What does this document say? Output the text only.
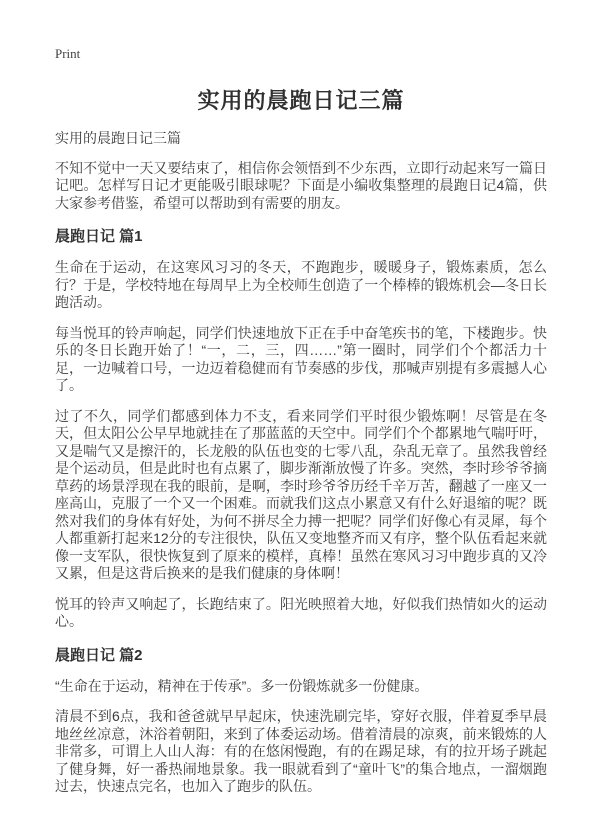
Print
实用的晨跑日记三篇

实用的晨跑日记三篇

不知不觉中一天又要结束了，相信你会领悟到不少东西，立即行动起来写一篇日记吧。怎样写日记才更能吸引眼球呢？下面是小编收集整理的晨跑日记4篇，供大家参考借鉴，希望可以帮助到有需要的朋友。

晨跑日记 篇1

生命在于运动，在这寒风习习的冬天，不跑跑步，暖暖身子，锻炼素质，怎么行？于是，学校特地在每周早上为全校师生创造了一个棒棒的锻炼机会—冬日长跑活动。

每当悦耳的铃声响起，同学们快速地放下正在手中奋笔疾书的笔，下楼跑步。快乐的冬日长跑开始了！“一，二，三，四……”第一圈时，同学们个个都活力十足，一边喊着口号，一边迈着稳健而有节奏感的步伐，那喊声别提有多震撼人心了。

过了不久，同学们都感到体力不支，看来同学们平时很少锻炼啊！尽管是在冬天，但太阳公公早早地就挂在了那蓝蓝的天空中。同学们个个都累地气喘吁吁，又是喘气又是擦汗的，长龙般的队伍也变的七零八乱，杂乱无章了。虽然我曾经是个运动员，但是此时也有点累了，脚步渐渐放慢了许多。突然，李时珍爷爷摘草药的场景浮现在我的眼前，是啊，李时珍爷爷历经千辛万苦，翻越了一座又一座高山，克服了一个又一个困难。而就我们这点小累意又有什么好退缩的呢？既然对我们的身体有好处，为何不拼尽全力搏一把呢？同学们好像心有灵犀，每个人都重新打起来12分的专注很快，队伍又变地整齐而又有序，整个队伍看起来就像一支军队，很快恢复到了原来的模样，真棒！虽然在寒风习习中跑步真的又冷又累，但是这背后换来的是我们健康的身体啊！

悦耳的铃声又响起了，长跑结束了。阳光映照着大地，好似我们热情如火的运动心。

晨跑日记 篇2

“生命在于运动，精神在于传承”。多一份锻炼就多一份健康。

清晨不到6点，我和爸爸就早早起床，快速洗刷完毕，穿好衣服，伴着夏季早晨地丝丝凉意，沐浴着朝阳，来到了体委运动场。借着清晨的凉爽，前来锻炼的人非常多，可谓上人山人海：有的在悠闲慢跑，有的在踢足球，有的拉开场子跳起了健身舞，好一番热闹地景象。我一眼就看到了“童叶飞”的集合地点，一溜烟跑过去，快速点完名，也加入了跑步的队伍。
